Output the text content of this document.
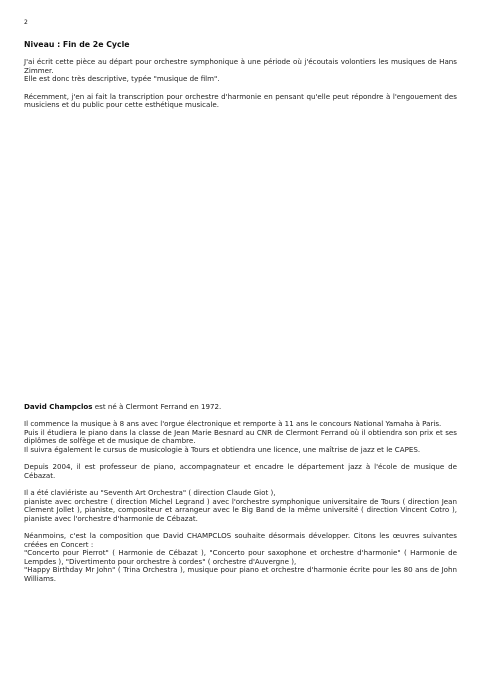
2

Niveau : Fin de 2e Cycle

J'ai écrit cette pièce au départ pour orchestre symphonique à une période où j'écoutais volontiers les musiques de Hans Zimmer.

Elle est donc très descriptive, typée "musique de film".

Récemment, j'en ai fait la transcription pour orchestre d'harmonie en pensant qu'elle peut répondre à l'engouement des musiciens et du public pour cette esthétique musicale.

David Champclos est né à Clermont Ferrand en 1972.

Il commence la musique à 8 ans avec l'orgue électronique et remporte à 11 ans le concours National Yamaha à Paris.

Puis il étudiera le piano dans la classe de Jean Marie Besnard au CNR de Clermont Ferrand où il obtiendra son prix et ses diplômes de solfège et de musique de chambre.

Il suivra également le cursus de musicologie à Tours et obtiendra une licence, une maîtrise de jazz et le CAPES.

Depuis 2004, il est professeur de piano, accompagnateur et encadre le département jazz à l'école de musique de Cébazat.

Il a été claviériste au "Seventh Art Orchestra" ( direction Claude Giot ),

pianiste avec orchestre ( direction Michel Legrand ) avec l'orchestre symphonique universitaire de Tours ( direction Jean Clement Jollet ), pianiste, compositeur et arrangeur avec le Big Band de la même université ( direction Vincent Cotro ), pianiste avec l'orchestre d'harmonie de Cébazat.

Néanmoins, c'est la composition que David CHAMPCLOS souhaite désormais développer. Citons les œuvres suivantes créées en Concert :

"Concerto pour Pierrot" ( Harmonie de Cébazat ), "Concerto pour saxophone et orchestre d'harmonie" ( Harmonie de Lempdes ), "Divertimento pour orchestre à cordes" ( orchestre d'Auvergne ),

"Happy Birthday Mr John" ( Trina Orchestra ), musique pour piano et orchestre d'harmonie écrite pour les 80 ans de John Williams.
